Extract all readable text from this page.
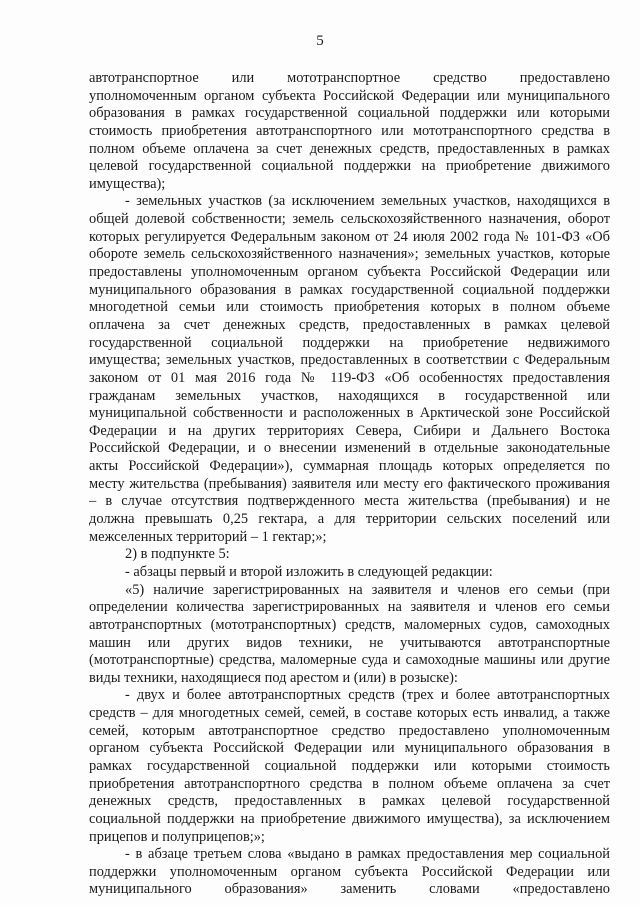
5
автотранспортное или мототранспортное средство предоставлено
уполномоченным органом субъекта Российской Федерации или муниципального
образования в рамках государственной социальной поддержки или которыми
стоимость приобретения автотранспортного или мототранспортного средства в
полном объеме оплачена за счет денежных средств, предоставленных в рамках
целевой государственной социальной поддержки на приобретение движимого
имущества);
- земельных участков (за исключением земельных участков, находящихся в
общей долевой собственности; земель сельскохозяйственного назначения, оборот
которых регулируется Федеральным законом от 24 июля 2002 года № 101-ФЗ «Об
обороте земель сельскохозяйственного назначения»; земельных участков, которые
предоставлены уполномоченным органом субъекта Российской Федерации или
муниципального образования в рамках государственной социальной поддержки
многодетной семьи или стоимость приобретения которых в полном объеме
оплачена за счет денежных средств, предоставленных в рамках целевой
государственной социальной поддержки на приобретение недвижимого
имущества; земельных участков, предоставленных в соответствии с Федеральным
законом от 01 мая 2016 года № 119-ФЗ «Об особенностях предоставления
гражданам земельных участков, находящихся в государственной или
муниципальной собственности и расположенных в Арктической зоне Российской
Федерации и на других территориях Севера, Сибири и Дальнего Востока
Российской Федерации, и о внесении изменений в отдельные законодательные
акты Российской Федерации»), суммарная площадь которых определяется по
месту жительства (пребывания) заявителя или месту его фактического проживания
– в случае отсутствия подтвержденного места жительства (пребывания) и не
должна превышать 0,25 гектара, а для территории сельских поселений или
межселенных территорий – 1 гектар;»;
2) в подпункте 5:
- абзацы первый и второй изложить в следующей редакции:
«5) наличие зарегистрированных на заявителя и членов его семьи (при
определении количества зарегистрированных на заявителя и членов его семьи
автотранспортных (мототранспортных) средств, маломерных судов, самоходных
машин или других видов техники, не учитываются автотранспортные
(мототранспортные) средства, маломерные суда и самоходные машины или другие
виды техники, находящиеся под арестом и (или) в розыске):
- двух и более автотранспортных средств (трех и более автотранспортных
средств – для многодетных семей, семей, в составе которых есть инвалид, а также
семей, которым автотранспортное средство предоставлено уполномоченным
органом субъекта Российской Федерации или муниципального образования в
рамках государственной социальной поддержки или которыми стоимость
приобретения автотранспортного средства в полном объеме оплачена за счет
денежных средств, предоставленных в рамках целевой государственной
социальной поддержки на приобретение движимого имущества), за исключением
прицепов и полуприцепов;»;
- в абзаце третьем слова «выдано в рамках предоставления мер социальной
поддержки уполномоченным органом субъекта Российской Федерации или
муниципального образования» заменить словами «предоставлено
